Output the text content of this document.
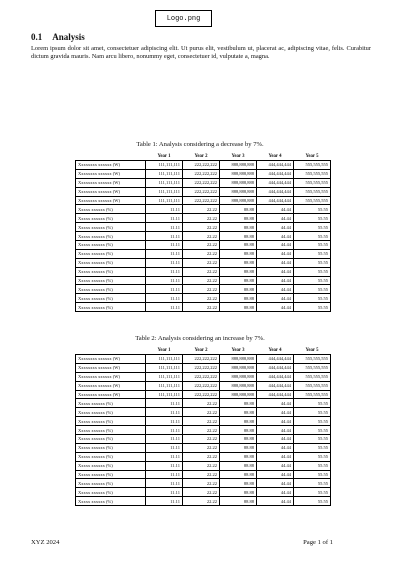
Logo.png
0.1 Analysis

Lorem ipsum dolor sit amet, consectetuer adipiscing elit. Ut purus elit, vestibulum ut, placerat ac, adipiscing vitae, felis. Curabitur dictum gravida mauris. Nam arcu libero, nonummy eget, consectetuer id, vulputate a, magna.

Table 1: Analysis considering a decrease by 7%.
	Year 1	Year 2	Year 3	Year 4	Year 5
Xxxxxxxx xxxxxx (W)	111,111,111	222,222,222	888,888,888	444,444,444	555,555,555
Xxxxxxxx xxxxxx (W)	111,111,111	222,222,222	888,888,888	444,444,444	555,555,555
Xxxxxxxx xxxxxx (W)	111,111,111	222,222,222	888,888,888	444,444,444	555,555,555
Xxxxxxxx xxxxxx (W)	111,111,111	222,222,222	888,888,888	444,444,444	555,555,555
Xxxxxxxx xxxxxx (W)	111,111,111	222,222,222	888,888,888	444,444,444	555,555,555
Xxxxx xxxxxx (%)	11.11	22.22	88.88	44.44	55.55
Xxxxx xxxxxx (%)	11.11	22.22	88.88	44.44	55.55
Xxxxx xxxxxx (%)	11.11	22.22	88.88	44.44	55.55
Xxxxx xxxxxx (%)	11.11	22.22	88.88	44.44	55.55
Xxxxx xxxxxx (%)	11.11	22.22	88.88	44.44	55.55
Xxxxx xxxxxx (%)	11.11	22.22	88.88	44.44	55.55
Xxxxx xxxxxx (%)	11.11	22.22	88.88	44.44	55.55
Xxxxx xxxxxx (%)	11.11	22.22	88.88	44.44	55.55
Xxxxx xxxxxx (%)	11.11	22.22	88.88	44.44	55.55
Xxxxx xxxxxx (%)	11.11	22.22	88.88	44.44	55.55
Xxxxx xxxxxx (%)	11.11	22.22	88.88	44.44	55.55
Xxxxx xxxxxx (%)	11.11	22.22	88.88	44.44	55.55
Table 2: Analysis considering an increase by 7%.
	Year 1	Year 2	Year 3	Year 4	Year 5
Xxxxxxxx xxxxxx (W)	111,111,111	222,222,222	888,888,888	444,444,444	555,555,555
Xxxxxxxx xxxxxx (W)	111,111,111	222,222,222	888,888,888	444,444,444	555,555,555
Xxxxxxxx xxxxxx (W)	111,111,111	222,222,222	888,888,888	444,444,444	555,555,555
Xxxxxxxx xxxxxx (W)	111,111,111	222,222,222	888,888,888	444,444,444	555,555,555
Xxxxxxxx xxxxxx (W)	111,111,111	222,222,222	888,888,888	444,444,444	555,555,555
Xxxxx xxxxxx (%)	11.11	22.22	88.88	44.44	55.55
Xxxxx xxxxxx (%)	11.11	22.22	88.88	44.44	55.55
Xxxxx xxxxxx (%)	11.11	22.22	88.88	44.44	55.55
Xxxxx xxxxxx (%)	11.11	22.22	88.88	44.44	55.55
Xxxxx xxxxxx (%)	11.11	22.22	88.88	44.44	55.55
Xxxxx xxxxxx (%)	11.11	22.22	88.88	44.44	55.55
Xxxxx xxxxxx (%)	11.11	22.22	88.88	44.44	55.55
Xxxxx xxxxxx (%)	11.11	22.22	88.88	44.44	55.55
Xxxxx xxxxxx (%)	11.11	22.22	88.88	44.44	55.55
Xxxxx xxxxxx (%)	11.11	22.22	88.88	44.44	55.55
Xxxxx xxxxxx (%)	11.11	22.22	88.88	44.44	55.55
Xxxxx xxxxxx (%)	11.11	22.22	88.88	44.44	55.55
XYZ 2024	Page 1 of 1
